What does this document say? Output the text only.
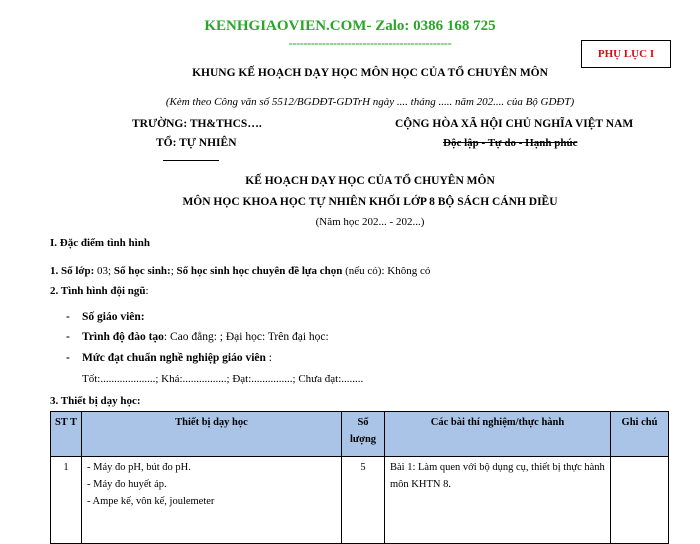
KENHGIAOVIEN.COM- Zalo: 0386 168 725
--------------------------------------------
PHỤ LỤC I
KHUNG KẾ HOẠCH DẠY HỌC MÔN HỌC CỦA TỔ CHUYÊN MÔN
(Kèm theo Công văn số 5512/BGDĐT-GDTrH ngày .... tháng ..... năm 202.... của Bộ GDĐT)
TRƯỜNG: TH&THCS….	CỘNG HÒA XÃ HỘI CHỦ NGHĨA VIỆT NAM
TỔ: TỰ NHIÊN	Độc lập - Tự do - Hạnh phúc
KẾ HOẠCH DẠY HỌC CỦA TỔ CHUYÊN MÔN
MÔN HỌC KHOA HỌC TỰ NHIÊN KHỐI LỚP 8 BỘ SÁCH CÁNH DIỀU
(Năm học 202... - 202...)
I. Đặc điểm tình hình
1. Số lớp: 03; Số học sinh:; Số học sinh học chuyên đề lựa chọn (nếu có): Không có
2. Tình hình đội ngũ:
- Số giáo viên:
- Trình độ đào tạo: Cao đẳng: ; Đại học: Trên đại học:
- Mức đạt chuẩn nghề nghiệp giáo viên :
Tốt:....................; Khá:................; Đạt:...............; Chưa đạt:........
3. Thiết bị dạy học:
ST T	Thiết bị dạy học	Số lượng	Các bài thí nghiệm/thực hành	Ghi chú
1	- Máy đo pH, bút đo pH.
- Máy đo huyết áp.
- Ampe kế, vôn kế, joulemeter	5	Bài 1: Làm quen với bộ dụng cụ, thiết bị thực hành môn KHTN 8.	
